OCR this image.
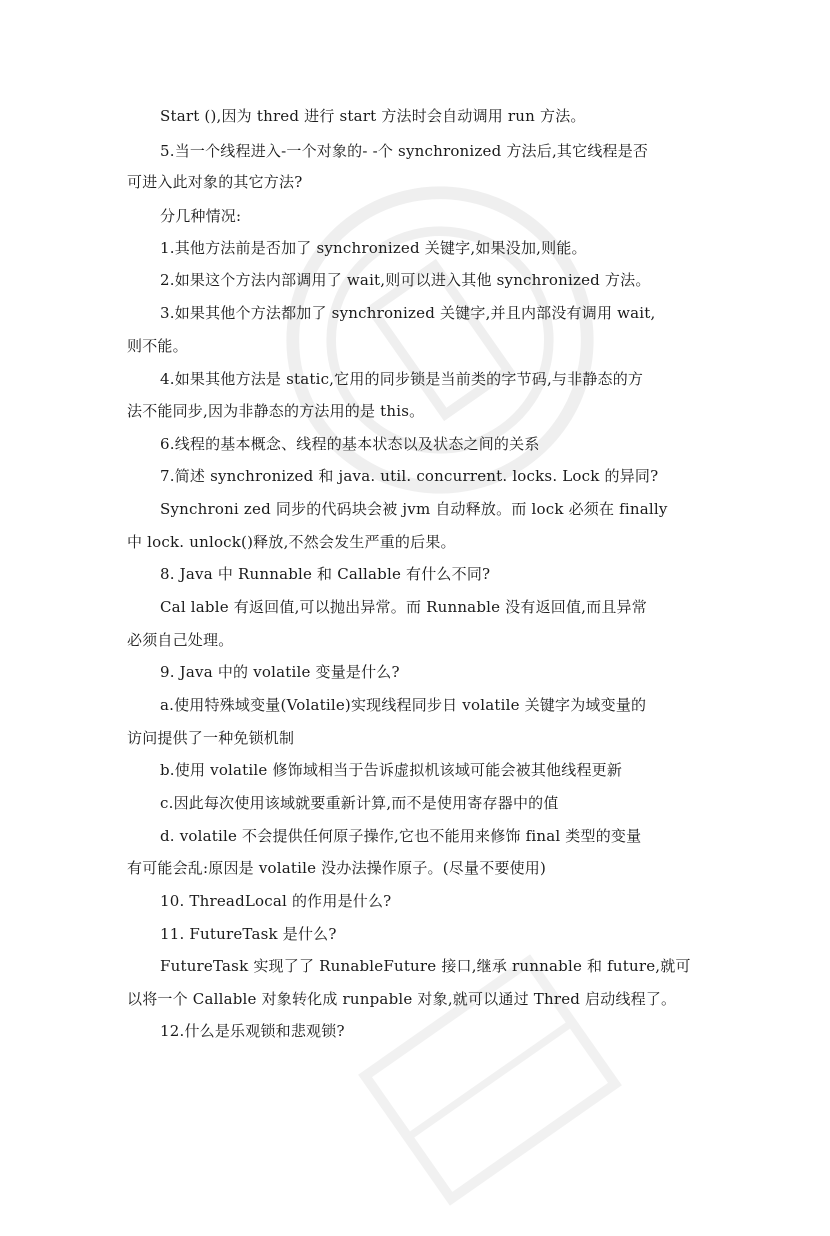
Start (),因为 thred 进行 start 方法时会自动调用 run 方法。
5.当一个线程进入-一个对象的- -个 synchronized 方法后,其它线程是否
可进入此对象的其它方法?
分几种情况:
1.其他方法前是否加了 synchronized 关键字,如果没加,则能。
2.如果这个方法内部调用了 wait,则可以进入其他 synchronized 方法。
3.如果其他个方法都加了 synchronized 关键字,并且内部没有调用 wait,
则不能。
4.如果其他方法是 static,它用的同步锁是当前类的字节码,与非静态的方
法不能同步,因为非静态的方法用的是 this。
6.线程的基本概念、线程的基本状态以及状态之间的关系
7.简述 synchronized 和 java. util. concurrent. locks. Lock 的异同?
Synchroni zed 同步的代码块会被 jvm 自动释放。而 lock 必须在 finally
中 lock. unlock()释放,不然会发生严重的后果。
8. Java 中 Runnable 和 Callable 有什么不同?
Cal lable 有返回值,可以抛出异常。而 Runnable 没有返回值,而且异常
必须自己处理。
9. Java 中的 volatile 变量是什么?
a.使用特殊域变量(Volatile)实现线程同步日 volatile 关键字为域变量的
访问提供了一种免锁机制
b.使用 volatile 修饰域相当于告诉虚拟机该域可能会被其他线程更新
c.因此每次使用该域就要重新计算,而不是使用寄存器中的值
d. volatile 不会提供任何原子操作,它也不能用来修饰 final 类型的变量
有可能会乱:原因是 volatile 没办法操作原子。(尽量不要使用)
10. ThreadLocal 的作用是什么?
11. FutureTask 是什么?
FutureTask 实现了了 RunableFuture 接口,继承 runnable 和 future,就可
以将一个 Callable 对象转化成 runpable 对象,就可以通过 Thred 启动线程了。
12.什么是乐观锁和悲观锁?
